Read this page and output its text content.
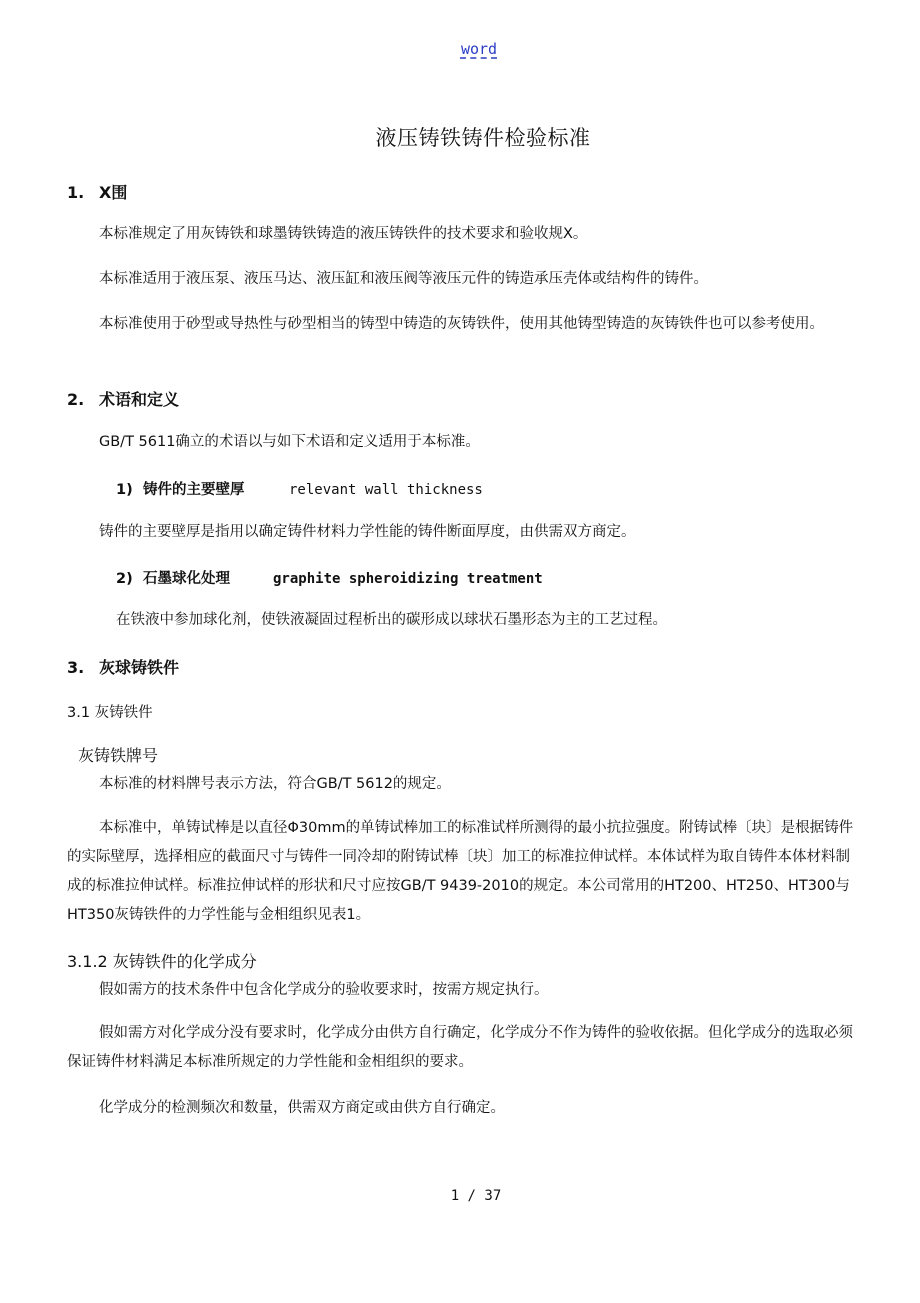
word
液压铸铁铸件检验标准
1. X围
本标准规定了用灰铸铁和球墨铸铁铸造的液压铸铁件的技术要求和验收规X。
本标准适用于液压泵、液压马达、液压缸和液压阀等液压元件的铸造承压壳体或结构件的铸件。
本标准使用于砂型或导热性与砂型相当的铸型中铸造的灰铸铁件，使用其他铸型铸造的灰铸铁件也可以参考使用。
2. 术语和定义
GB/T 5611确立的术语以与如下术语和定义适用于本标准。
1) 铸件的主要壁厚	relevant wall thickness
铸件的主要壁厚是指用以确定铸件材料力学性能的铸件断面厚度，由供需双方商定。
2) 石墨球化处理	graphite spheroidizing treatment
在铁液中参加球化剂，使铁液凝固过程析出的碳形成以球状石墨形态为主的工艺过程。
3. 灰球铸铁件
3.1 灰铸铁件
灰铸铁牌号
本标准的材料牌号表示方法，符合GB/T 5612的规定。
本标准中，单铸试棒是以直径Φ30mm的单铸试棒加工的标准试样所测得的最小抗拉强度。附铸试棒〔块〕是根据铸件的实际壁厚，选择相应的截面尺寸与铸件一同冷却的附铸试棒〔块〕加工的标准拉伸试样。本体试样为取自铸件本体材料制成的标准拉伸试样。标准拉伸试样的形状和尺寸应按GB/T 9439-2010的规定。本公司常用的HT200、HT250、HT300与HT350灰铸铁件的力学性能与金相组织见表1。
3.1.2 灰铸铁件的化学成分
假如需方的技术条件中包含化学成分的验收要求时，按需方规定执行。
假如需方对化学成分没有要求时，化学成分由供方自行确定，化学成分不作为铸件的验收依据。但化学成分的选取必须保证铸件材料满足本标准所规定的力学性能和金相组织的要求。
化学成分的检测频次和数量，供需双方商定或由供方自行确定。
1 / 37
